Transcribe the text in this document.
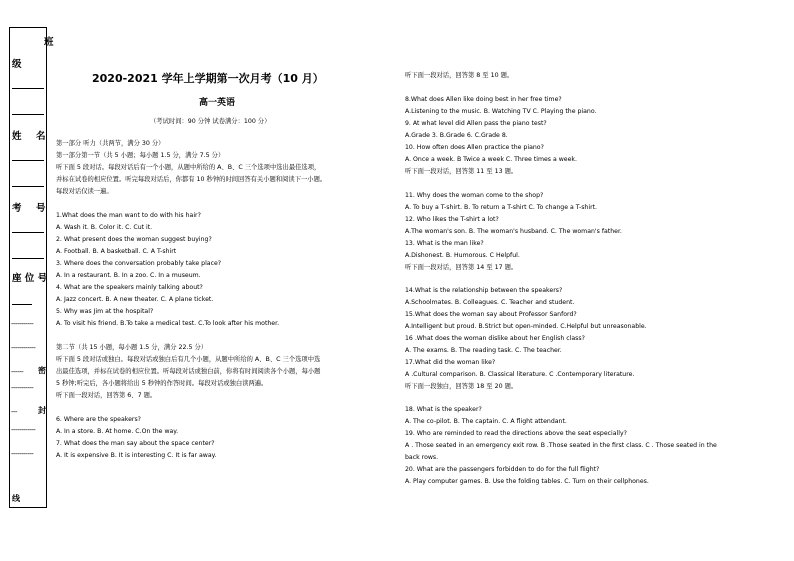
班
级
姓 名
考 号
座 位 号
-----------
------------
------ 密
-----------
---	封
------------
-----------
线
2020-2021 学年上学期第一次月考（10 月）
高一英语
（考试时间：90 分钟 试卷满分：100 分）
第一部分 听力（共两节，满分 30 分）
第一部分第一节（共 5 小题；每小题 1.5 分，满分 7.5 分）
听下面 5 段对话。每段对话后有一个小题，从题中所给的 A、B、C 三个选项中选出最佳选项，
并标在试卷的相应位置。听完每段对话后，你都有 10 秒钟的时间回答有关小题和阅读下一小题。
每段对话仅读一遍。
1.What does the man want to do with his hair?
A. Wash it. B. Color it. C. Cut it.
2. What present does the woman suggest buying?
A. Football. B. A basketball. C. A T-shirt
3. Where does the conversation probably take place?
A. In a restaurant. B. In a zoo. C. In a museum.
4. What are the speakers mainly talking about?
A. Jazz concert. B. A new theater. C. A plane ticket.
5. Why was Jim at the hospital?
A. To visit his friend. B.To take a medical test. C.To look after his mother.
第二节（共 15 小题，每小题 1.5 分，满分 22.5 分）
听下面 5 段对话或独白。每段对话或独白后有几个小题，从题中所给的 A、B、C 三个选项中选
出最佳选项，并标在试卷的相应位置。听每段对话或独白前，你将有时间阅读各个小题，每小题
5 秒钟;听完后，各小题将给出 5 秒钟的作答时间。每段对话或独白读两遍。
听下面一段对话，回答第 6、7 题。
6. Where are the speakers?
A. In a store. B. At home. C.On the way.
7. What does the man say about the space center?
A. It is expensive B. It is interesting C. It is far away.
听下面一段对话，回答第 8 至 10 题。
8.What does Allen like doing best in her free time?
A.Listening to the music. B. Watching TV C. Playing the piano.
9. At what level did Allen pass the piano test?
A.Grade 3. B.Grade 6. C.Grade 8.
10. How often does Allen practice the piano?
A. Once a week. B Twice a week C. Three times a week.
听下面一段对话，回答第 11 至 13 题。
11. Why does the woman come to the shop?
A. To buy a T-shirt. B. To return a T-shirt C. To change a T-shirt.
12. Who likes the T-shirt a lot?
A.The woman's son. B. The woman's husband. C. The woman's father.
13. What is the man like?
A.Dishonest. B. Humorous. C Helpful.
听下面一段对话，回答第 14 至 17 题。
14.What is the relationship between the speakers?
A.Schoolmates. B. Colleagues. C. Teacher and student.
15.What does the woman say about Professor Sanford?
A.Intelligent but proud. B.Strict but open-minded. C.Helpful but unreasonable.
16 .What does the woman dislike about her English class?
A. The exams. B. The reading task. C. The teacher.
17.What did the woman like?
A .Cultural comparison. B. Classical literature. C .Contemporary literature.
听下面一段独白，回答第 18 至 20 题。
18. What is the speaker?
A. The co-pilot. B. The captain. C. A flight attendant.
19. Who are reminded to read the directions above the seat especially?
A . Those seated in an emergency exit row. B .Those seated in the first class. C . Those seated in the
back rows.
20. What are the passengers forbidden to do for the full flight?
A. Play computer games. B. Use the folding tables. C. Turn on their cellphones.
